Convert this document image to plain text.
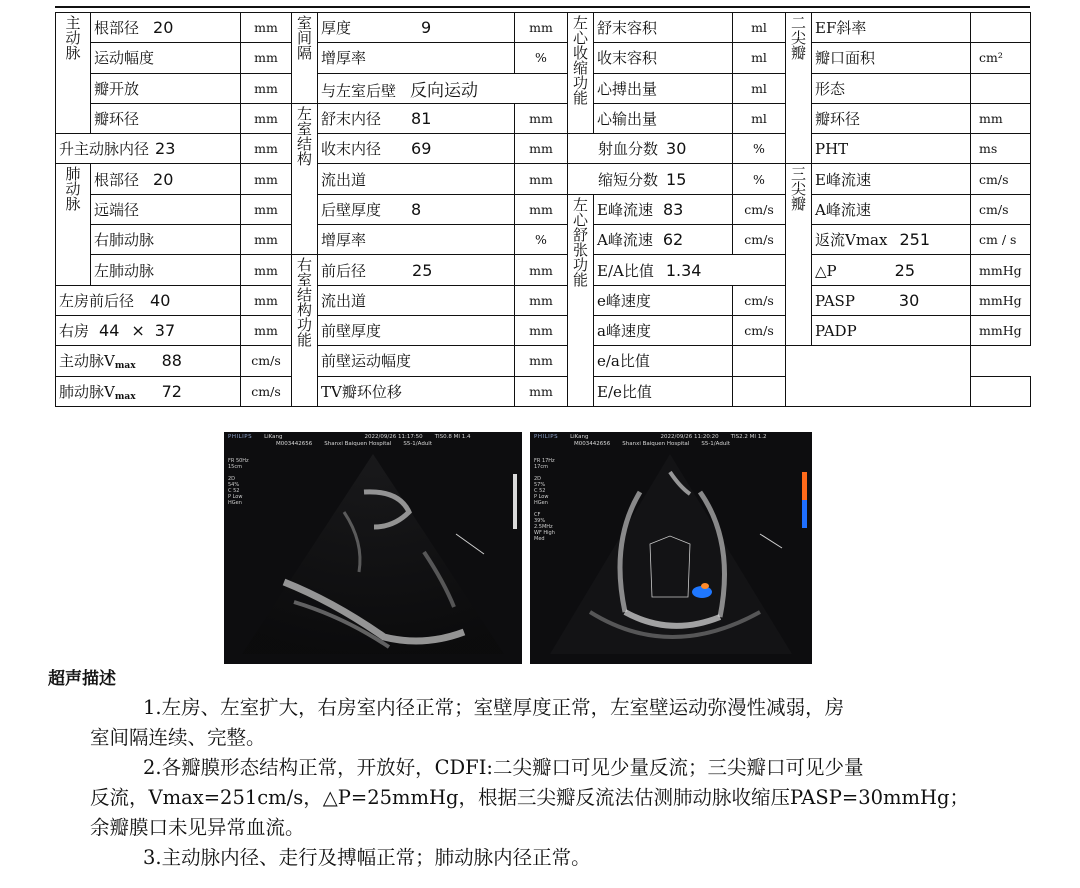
主动脉	根部径 20	mm	室间隔	厚度 9	mm	左心收缩功能	舒末容积	ml	二尖瓣	EF斜率	
	运动幅度	mm		增厚率	%		收末容积	ml		瓣口面积	cm²
	瓣开放	mm		与左室后壁 反向运动			心搏出量	ml		形态	
	瓣环径	mm	左室结构	舒末内径 81	mm		心输出量	ml		瓣环径	mm
升主动脉内径 23		mm		收末内径 69	mm	射血分数 30		%		PHT	ms
肺动脉	根部径 20	mm		流出道	mm	缩短分数 15		%	三尖瓣	E峰流速	cm/s
	远端径	mm		后壁厚度 8	mm	左心舒张功能	E峰流速 83	cm/s		A峰流速	cm/s
	右肺动脉	mm		增厚率	%		A峰流速 62	cm/s		返流Vmax 251	cm / s
	左肺动脉	mm	右室结构功能	前后径 25	mm		E/A比值 1.34			△P 25	mmHg
左房前后径 40		mm		流出道	mm		e峰速度	cm/s		PASP 30	mmHg
右房 44 × 37		mm		前壁厚度	mm		a峰速度	cm/s		PADP	mmHg
主动脉$V_{max}$ 88		cm/s		前壁运动幅度	mm		e/a比值				
肺动脉$V_{max}$ 72		cm/s		TV瓣环位移	mm		E/e比值				
PHILIPS LiKang	2022/09/26 11:17:50 TIS0.8 MI 1.4
M003442656 Shanxi Baiquen Hospital S5-1/Adult
FR 50Hz
15cm

2D
54%
C 52
P Low
HGen
PHILIPS LiKang	2022/09/26 11:20:20 TIS2.2 MI 1.2
M003442656 Shanxi Baiquen Hospital S5-1/Adult
FR 17Hz
17cm

2D
57%
C 52
P Low
HGen

CF
39%
2.5MHz
WF High
Med
超声描述

1.左房、左室扩大，右房室内径正常；室壁厚度正常，左室壁运动弥漫性减弱，房
室间隔连续、完整。

2.各瓣膜形态结构正常，开放好，CDFI:二尖瓣口可见少量反流；三尖瓣口可见少量
反流，Vmax=251cm/s，△P=25mmHg，根据三尖瓣反流法估测肺动脉收缩压PASP=30mmHg；
余瓣膜口未见异常血流。

3.主动脉内径、走行及搏幅正常；肺动脉内径正常。
